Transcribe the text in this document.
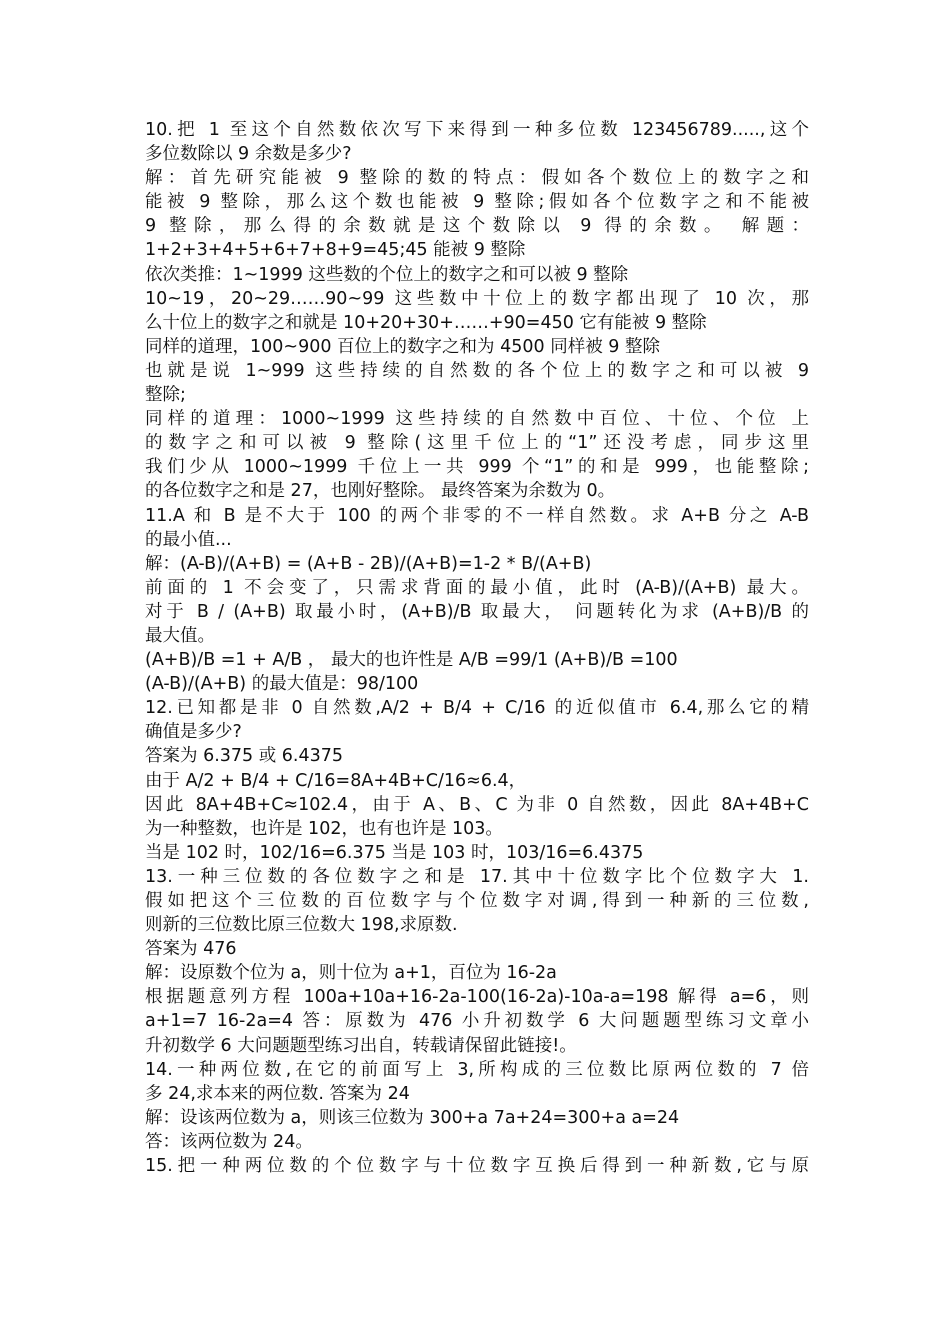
10.把 1 至这个自然数依次写下来得到一种多位数 123456789.....,这个
多位数除以 9 余数是多少?
解：首先研究能被 9 整除的数的特点：假如各个数位上的数字之和
能被 9 整除，那么这个数也能被 9 整除;假如各个位数字之和不能被
9 整除，那么得的余数就是这个数除以 9 得的余数。 解题：
1+2+3+4+5+6+7+8+9=45;45 能被 9 整除
依次类推：1~1999 这些数的个位上的数字之和可以被 9 整除
10~19，20~29……90~99 这些数中十位上的数字都出现了 10 次，那
么十位上的数字之和就是 10+20+30+……+90=450 它有能被 9 整除
同样的道理，100~900 百位上的数字之和为 4500 同样被 9 整除
也就是说 1~999 这些持续的自然数的各个位上的数字之和可以被 9
整除;
同样的道理：1000~1999 这些持续的自然数中百位、十位、个位 上
的数字之和可以被 9 整除(这里千位上的“1”还没考虑，同步这里
我们少从 1000~1999 千位上一共 999 个“1”的和是 999，也能整除;
的各位数字之和是 27，也刚好整除。 最终答案为余数为 0。
11.A 和 B 是不大于 100 的两个非零的不一样自然数。求 A+B 分之 A-B
的最小值...
解：(A-B)/(A+B) = (A+B - 2B)/(A+B)=1-2 * B/(A+B)
前面的 1 不会变了，只需求背面的最小值，此时 (A-B)/(A+B) 最大。
对于 B / (A+B) 取最小时，(A+B)/B 取最大， 问题转化为求 (A+B)/B 的
最大值。
(A+B)/B =1 + A/B ， 最大的也许性是 A/B =99/1 (A+B)/B =100
(A-B)/(A+B) 的最大值是：98/100
12.已知都是非 0 自然数,A/2 + B/4 + C/16 的近似值市 6.4,那么它的精
确值是多少?
答案为 6.375 或 6.4375
由于 A/2 + B/4 + C/16=8A+4B+C/16≈6.4，
因此 8A+4B+C≈102.4，由于 A、B、C 为非 0 自然数，因此 8A+4B+C
为一种整数，也许是 102，也有也许是 103。
当是 102 时，102/16=6.375 当是 103 时，103/16=6.4375
13.一种三位数的各位数字之和是 17.其中十位数字比个位数字大 1.
假如把这个三位数的百位数字与个位数字对调,得到一种新的三位数,
则新的三位数比原三位数大 198,求原数.
答案为 476
解：设原数个位为 a，则十位为 a+1，百位为 16-2a
根据题意列方程 100a+10a+16-2a-100(16-2a)-10a-a=198 解得 a=6，则
a+1=7 16-2a=4 答：原数为 476 小升初数学 6 大问题题型练习文章小
升初数学 6 大问题题型练习出自，转载请保留此链接!。
14.一种两位数,在它的前面写上 3,所构成的三位数比原两位数的 7 倍
多 24,求本来的两位数. 答案为 24
解：设该两位数为 a，则该三位数为 300+a 7a+24=300+a a=24
答：该两位数为 24。
15.把一种两位数的个位数字与十位数字互换后得到一种新数,它与原
